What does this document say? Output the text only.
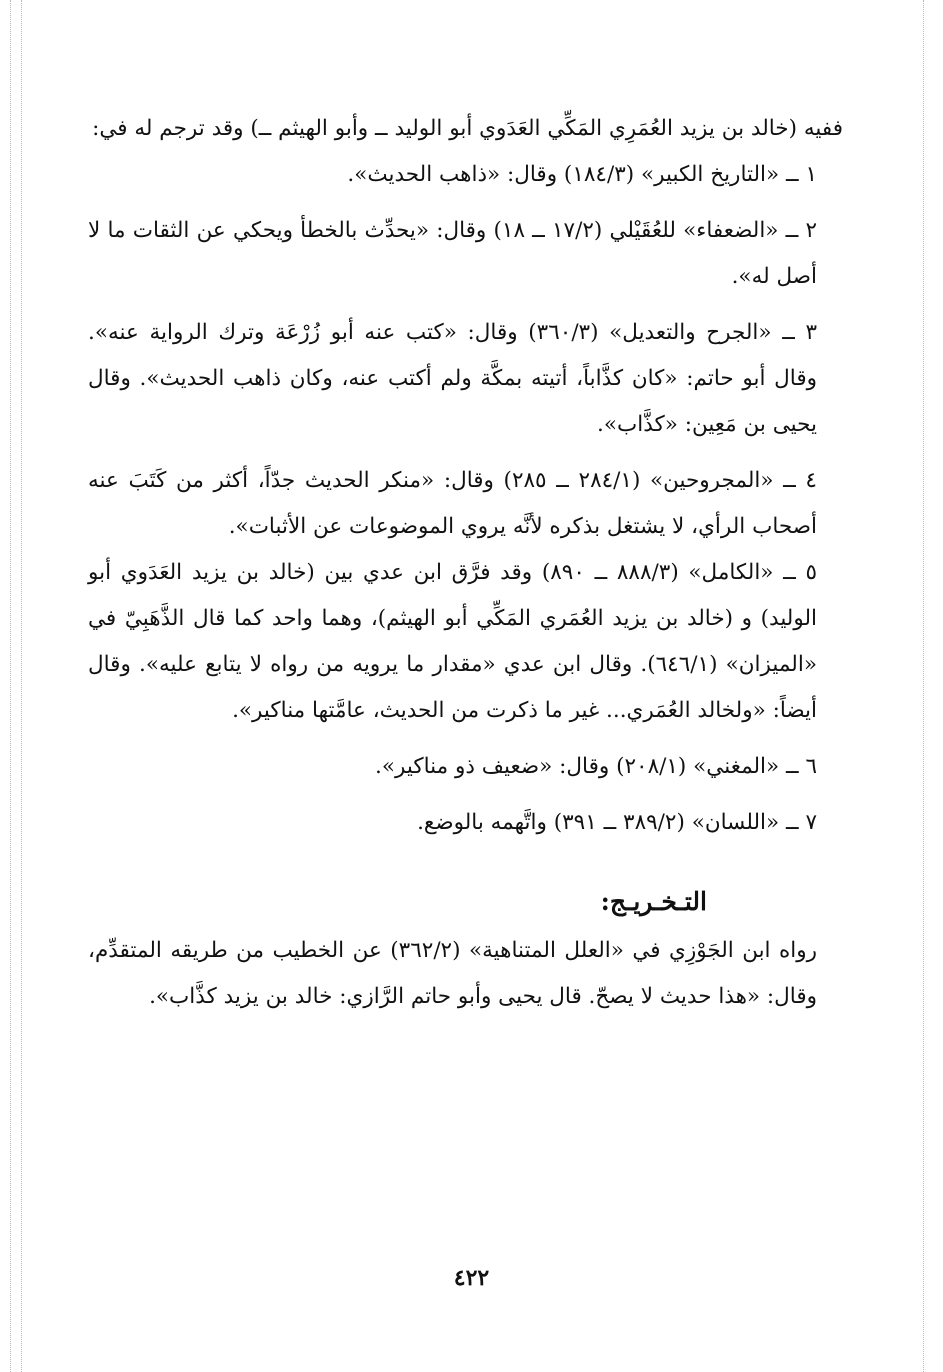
ففيه (خالد بن يزيد العُمَرِي المَكِّي العَدَوي أبو الوليد ــ وأبو الهيثم ــ) وقد ترجم له في:

١ ــ «التاريخ الكبير» (١٨٤/٣) وقال: «ذاهب الحديث».

٢ ــ «الضعفاء» للعُقَيْلي (١٧/٢ ــ ١٨) وقال: «يحدِّث بالخطأ ويحكي عن الثقات ما لا أصل له».

٣ ــ «الجرح والتعديل» (٣٦٠/٣) وقال: «كتب عنه أبو زُرْعَة وترك الرواية عنه». وقال أبو حاتم: «كان كذَّاباً، أتيته بمكَّة ولم أكتب عنه، وكان ذاهب الحديث». وقال يحيى بن مَعِين: «كذَّاب».

٤ ــ «المجروحين» (٢٨٤/١ ــ ٢٨٥) وقال: «منكر الحديث جدّاً، أكثر من كَتَبَ عنه أصحاب الرأي، لا يشتغل بذكره لأنَّه يروي الموضوعات عن الأثبات».

٥ ــ «الكامل» (٨٨٨/٣ ــ ٨٩٠) وقد فرَّق ابن عدي بين (خالد بن يزيد العَدَوي أبو الوليد) و (خالد بن يزيد العُمَري المَكِّي أبو الهيثم)، وهما واحد كما قال الذَّهَبِيّ في «الميزان» (٦٤٦/١). وقال ابن عدي «مقدار ما يرويه من رواه لا يتابع عليه». وقال أيضاً: «ولخالد العُمَري... غير ما ذكرت من الحديث، عامَّتها مناكير».

٦ ــ «المغني» (٢٠٨/١) وقال: «ضعيف ذو مناكير».

٧ ــ «اللسان» (٣٨٩/٢ ــ ٣٩١) واتَّهمه بالوضع.

التـخـريـج:

رواه ابن الجَوْزِي في «العلل المتناهية» (٣٦٢/٢) عن الخطيب من طريقه المتقدِّم، وقال: «هذا حديث لا يصحّ. قال يحيى وأبو حاتم الرَّازي: خالد بن يزيد كذَّاب».

٤٢٢
